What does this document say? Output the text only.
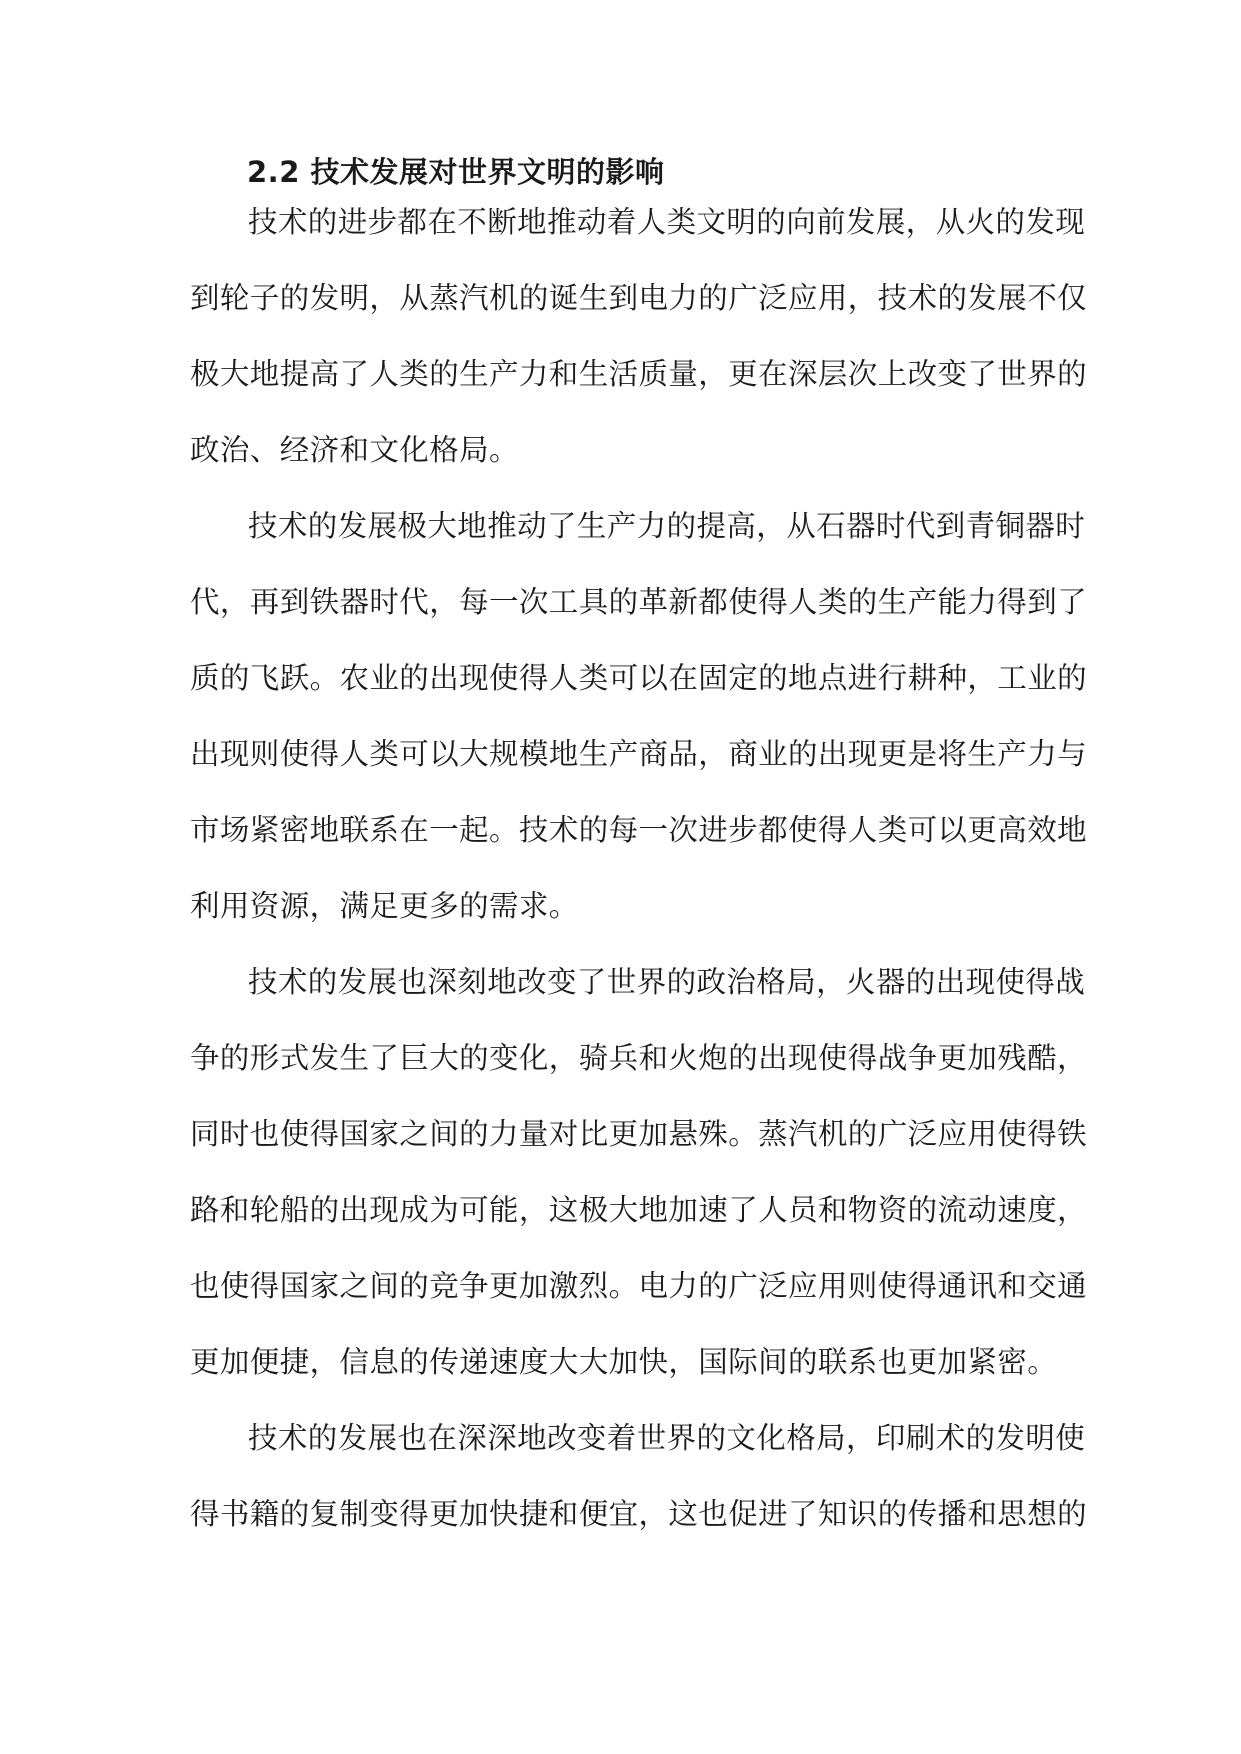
2.2 技术发展对世界文明的影响
技术的进步都在不断地推动着人类文明的向前发展，从火的发现
到轮子的发明，从蒸汽机的诞生到电力的广泛应用，技术的发展不仅
极大地提高了人类的生产力和生活质量，更在深层次上改变了世界的
政治、经济和文化格局。
技术的发展极大地推动了生产力的提高，从石器时代到青铜器时
代，再到铁器时代，每一次工具的革新都使得人类的生产能力得到了
质的飞跃。农业的出现使得人类可以在固定的地点进行耕种，工业的
出现则使得人类可以大规模地生产商品，商业的出现更是将生产力与
市场紧密地联系在一起。技术的每一次进步都使得人类可以更高效地
利用资源，满足更多的需求。
技术的发展也深刻地改变了世界的政治格局，火器的出现使得战
争的形式发生了巨大的变化，骑兵和火炮的出现使得战争更加残酷，
同时也使得国家之间的力量对比更加悬殊。蒸汽机的广泛应用使得铁
路和轮船的出现成为可能，这极大地加速了人员和物资的流动速度，
也使得国家之间的竞争更加激烈。电力的广泛应用则使得通讯和交通
更加便捷，信息的传递速度大大加快，国际间的联系也更加紧密。
技术的发展也在深深地改变着世界的文化格局，印刷术的发明使
得书籍的复制变得更加快捷和便宜，这也促进了知识的传播和思想的
